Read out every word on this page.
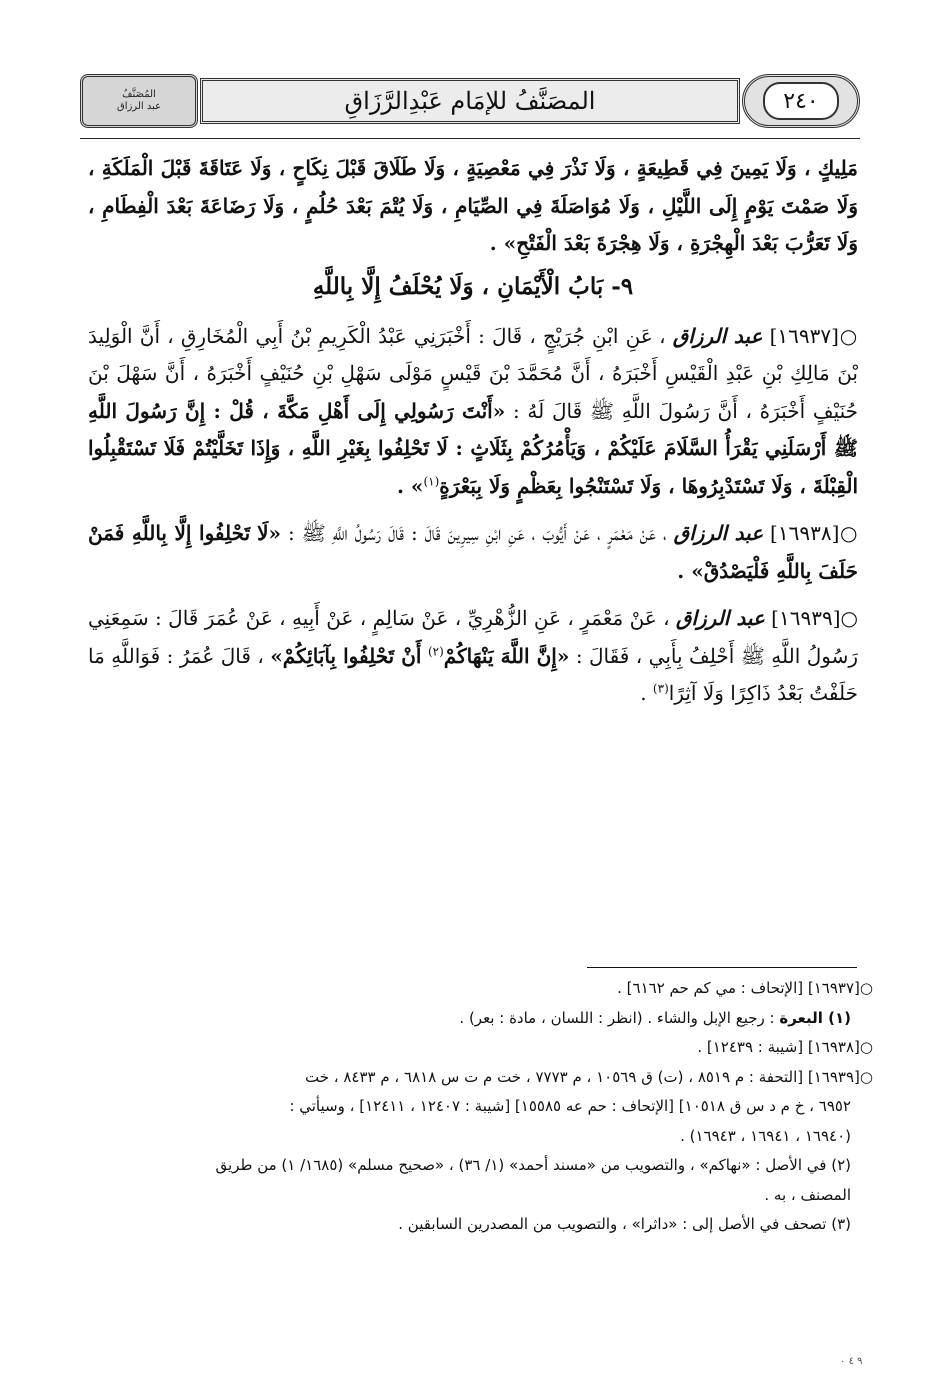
المُصَنَّفُ
عبد الرزاق	المصَنَّفُ للإمَام عَبْدِالرَّزَاقِ	٢٤٠

مَلِيكٍ ، وَلَا يَمِينَ فِي قَطِيعَةٍ ، وَلَا نَذْرَ فِي مَعْصِيَةٍ ، وَلَا طَلَاقَ قَبْلَ نِكَاحٍ ، وَلَا عَتَاقَةَ قَبْلَ الْمَلَكَةِ ، وَلَا صَمْتَ يَوْمٍ إِلَى اللَّيْلِ ، وَلَا مُوَاصَلَةَ فِي الصِّيَامِ ، وَلَا يُتْمَ بَعْدَ حُلُمٍ ، وَلَا رَضَاعَةَ بَعْدَ الْفِطَامِ ، وَلَا تَعَرُّبَ بَعْدَ الْهِجْرَةِ ، وَلَا هِجْرَةَ بَعْدَ الْفَتْحِ» .

٩- بَابُ الْأَيْمَانِ ، وَلَا يُحْلَفُ إِلَّا بِاللَّهِ

○[١٦٩٣٧] عبد الرزاق ، عَنِ ابْنِ جُرَيْجٍ ، قَالَ : أَخْبَرَنِي عَبْدُ الْكَرِيمِ بْنُ أَبِي الْمُخَارِقِ ، أَنَّ الْوَلِيدَ بْنَ مَالِكِ بْنِ عَبْدِ الْقَيْسِ أَخْبَرَهُ ، أَنَّ مُحَمَّدَ بْنَ قَيْسٍ مَوْلَى سَهْلِ بْنِ حُنَيْفٍ أَخْبَرَهُ ، أَنَّ سَهْلَ بْنَ حُنَيْفٍ أَخْبَرَهُ ، أَنَّ رَسُولَ اللَّهِ ﷺ قَالَ لَهُ : «أَنْتَ رَسُولِي إِلَى أَهْلِ مَكَّةَ ، قُلْ : إِنَّ رَسُولَ اللَّهِ ﷺ أَرْسَلَنِي يَقْرَأُ السَّلَامَ عَلَيْكُمْ ، وَيَأْمُرُكُمْ بِثَلَاثٍ : لَا تَحْلِفُوا بِغَيْرِ اللَّهِ ، وَإِذَا تَخَلَّيْتُمْ فَلَا تَسْتَقْبِلُوا الْقِبْلَةَ ، وَلَا تَسْتَدْبِرُوهَا ، وَلَا تَسْتَنْجُوا بِعَظْمٍ وَلَا بِبَعْرَةٍ$^{(١)}$» .

○[١٦٩٣٨] عبد الرزاق ، عَنْ مَعْمَرٍ ، عَنْ أَيُّوبَ ، عَنِ ابْنِ سِيرِينَ قَالَ : قَالَ رَسُولُ اللَّهِ ﷺ : «لَا تَحْلِفُوا إِلَّا بِاللَّهِ فَمَنْ حَلَفَ بِاللَّهِ فَلْيَصْدُقْ» .

○[١٦٩٣٩] عبد الرزاق ، عَنْ مَعْمَرٍ ، عَنِ الزُّهْرِيِّ ، عَنْ سَالِمٍ ، عَنْ أَبِيهِ ، عَنْ عُمَرَ قَالَ : سَمِعَنِي رَسُولُ اللَّهِ ﷺ أَحْلِفُ بِأَبِي ، فَقَالَ : «إِنَّ اللَّهَ يَنْهَاكُمْ$^{(٢)}$ أَنْ تَحْلِفُوا بِآبَائِكُمْ» ، قَالَ عُمَرُ : فَوَاللَّهِ مَا حَلَفْتُ بَعْدُ ذَاكِرًا وَلَا آثِرًا$^{(٣)}$ .

○[١٦٩٣٧] [الإتحاف : مي كم حم ٦١٦٢] .

(١) البعرة : رجيع الإبل والشاء . (انظر : اللسان ، مادة : بعر) .

○[١٦٩٣٨] [شيبة : ١٢٤٣٩] .

○[١٦٩٣٩] [التحفة : م ٨٥١٩ ، (ت) ق ١٠٥٦٩ ، م ٧٧٧٣ ، خت م ت س ٦٨١٨ ، م ٨٤٣٣ ، خت

٦٩٥٢ ، خ م د س ق ١٠٥١٨] [الإتحاف : حم عه ١٥٥٨٥] [شيبة : ١٢٤٠٧ ، ١٢٤١١] ، وسيأتي :

(١٦٩٤٠ ، ١٦٩٤١ ، ١٦٩٤٣) .

(٢) في الأصل : «نهاكم» ، والتصويب من «مسند أحمد» (١/ ٣٦) ، «صحيح مسلم» (١٦٨٥/ ١) من طريق

المصنف ، به .

(٣) تصحف في الأصل إلى : «داثرا» ، والتصويب من المصدرين السابقين .

٩ ٤ ٠
